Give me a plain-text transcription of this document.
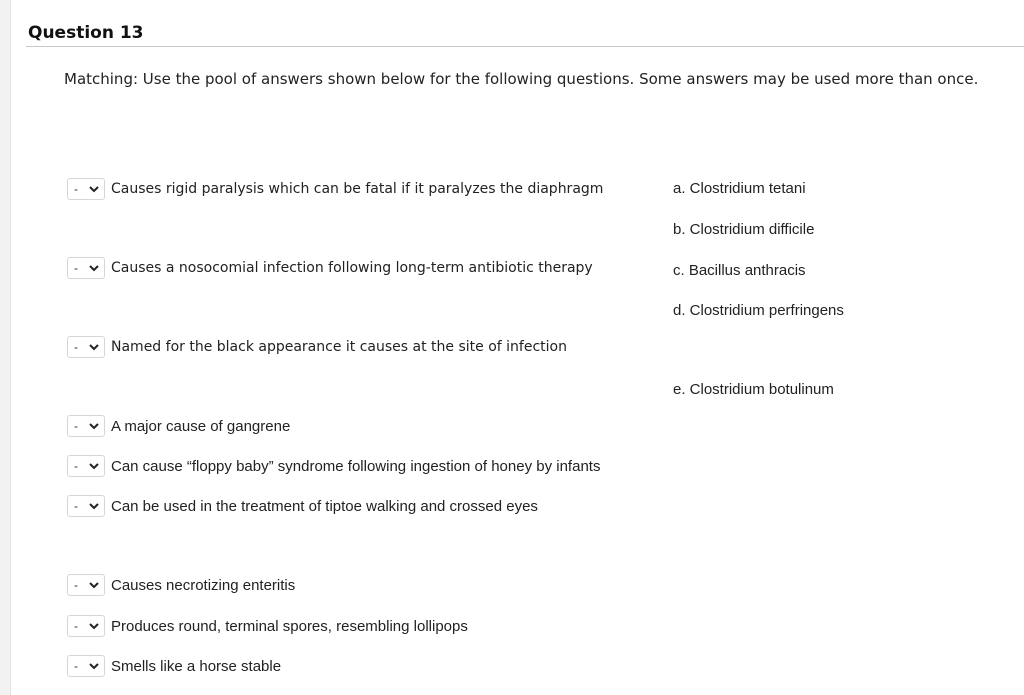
Question 13
Matching: Use the pool of answers shown below for the following questions. Some answers may be used more than once.
- Causes rigid paralysis which can be fatal if it paralyzes the diaphragm
- Causes a nosocomial infection following long-term antibiotic therapy
- Named for the black appearance it causes at the site of infection
- A major cause of gangrene
- Can cause “floppy baby” syndrome following ingestion of honey by infants
- Can be used in the treatment of tiptoe walking and crossed eyes
- Causes necrotizing enteritis
- Produces round, terminal spores, resembling lollipops
- Smells like a horse stable
a. Clostridium tetani
b. Clostridium difficile
c. Bacillus anthracis
d. Clostridium perfringens
e. Clostridium botulinum
